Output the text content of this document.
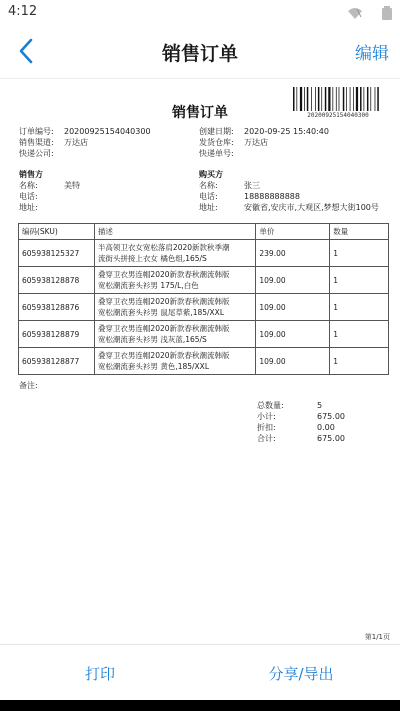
4:12

销售订单	编辑
销售订单	20200925154040300
订单编号: 20200925154040300	创建日期: 2020-09-25 15:40:40
销售渠道: 万达店	发货仓库: 万达店
快递公司:	快递单号:
销售方
名称:	美特
电话:
地址:
购买方
名称:	张三
电话:	18888888888
地址:	安徽省,安庆市,大观区,梦想大街100号
编码(SKU)	描述	单价	数量
605938125327	半高领卫衣女宽松落肩2020新款秋季潮
流街头拼接上衣女 橘色组,165/S	239.00	1
605938128878	叠穿卫衣男连帽2020新款春秋潮流韩版
宽松潮流套头衫男 175/L,白色	109.00	1
605938128876	叠穿卫衣男连帽2020新款春秋潮流韩版
宽松潮流套头衫男 鼠尾草紫,185/XXL	109.00	1
605938128879	叠穿卫衣男连帽2020新款春秋潮流韩版
宽松潮流套头衫男 浅灰蓝,165/S	109.00	1
605938128877	叠穿卫衣男连帽2020新款春秋潮流韩版
宽松潮流套头衫男 黄色,185/XXL	109.00	1
备注:
总数量:	5
小计:	675.00
折扣:	0.00
合计:	675.00
第1/1页
打印	分享/导出
